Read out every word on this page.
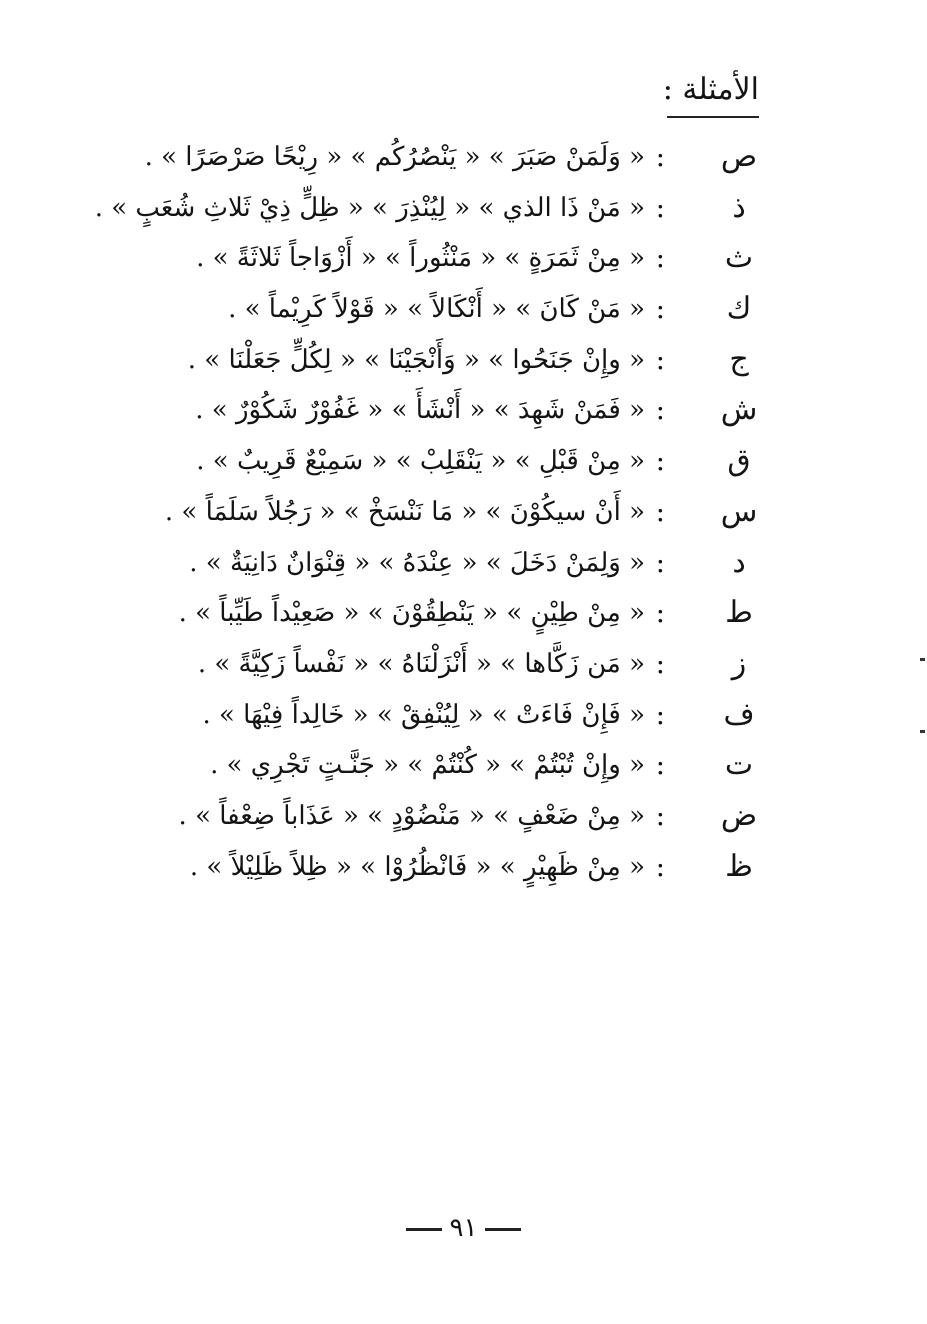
الأمثلة :
ص
:
« وَلَمَنْ صَبَرَ » « يَنْصُرُكُم » « رِيْحًا صَرْصَرًا » .
ذ
:
« مَنْ ذَا الذي » « لِيُنْذِرَ » « ظِلٍّ ذِيْ ثَلاثِ شُعَبٍ » .
ث
:
« مِنْ ثَمَرَةٍ » « مَنْثُوراً » « أَزْوَاجاً ثَلاثَةً » .
ك
:
« مَنْ كَانَ » « أَنْكَالاً » « قَوْلاً كَرِيْماً » .
ج
:
« وإِنْ جَنَحُوا » « وَأَنْجَيْنَا » « لِكُلٍّ جَعَلْنَا » .
ش
:
« فَمَنْ شَهِدَ » « أَنْشَأَ » « غَفُوْرٌ شَكُوْرٌ » .
ق
:
« مِنْ قَبْلِ » « يَنْقَلِبْ » « سَمِيْعٌ قَرِيبٌ » .
س
:
« أَنْ سيكُوْنَ » « مَا نَنْسَخْ » « رَجُلاً سَلَمَاً » .
د
:
« وَلِمَنْ دَخَلَ » « عِنْدَهُ » « قِنْوَانٌ دَانِيَةٌ » .
ط
:
« مِنْ طِيْنٍ » « يَنْطِقُوْنَ » « صَعِيْداً طَيِّباً » .
ز
:
« مَن زَكَّاها » « أَنْزَلْنَاهُ » « نَفْساً زَكِيَّةً » .
ف
:
« فَإِنْ فَاءَتْ » « لِيُنْفِقْ » « خَالِداً فِيْهَا » .
ت
:
« وإِنْ تُبْتُمْ » « كُنْتُمْ » « جَنَّـتٍ تَجْرِي » .
ض
:
« مِنْ ضَعْفٍ » « مَنْضُوْدٍ » « عَذَاباً ضِعْفاً » .
ظ
:
« مِنْ ظَهِيْرٍ » « فَانْظُرُوْا » « ظِلاً ظَلِيْلاً » .
٩١
